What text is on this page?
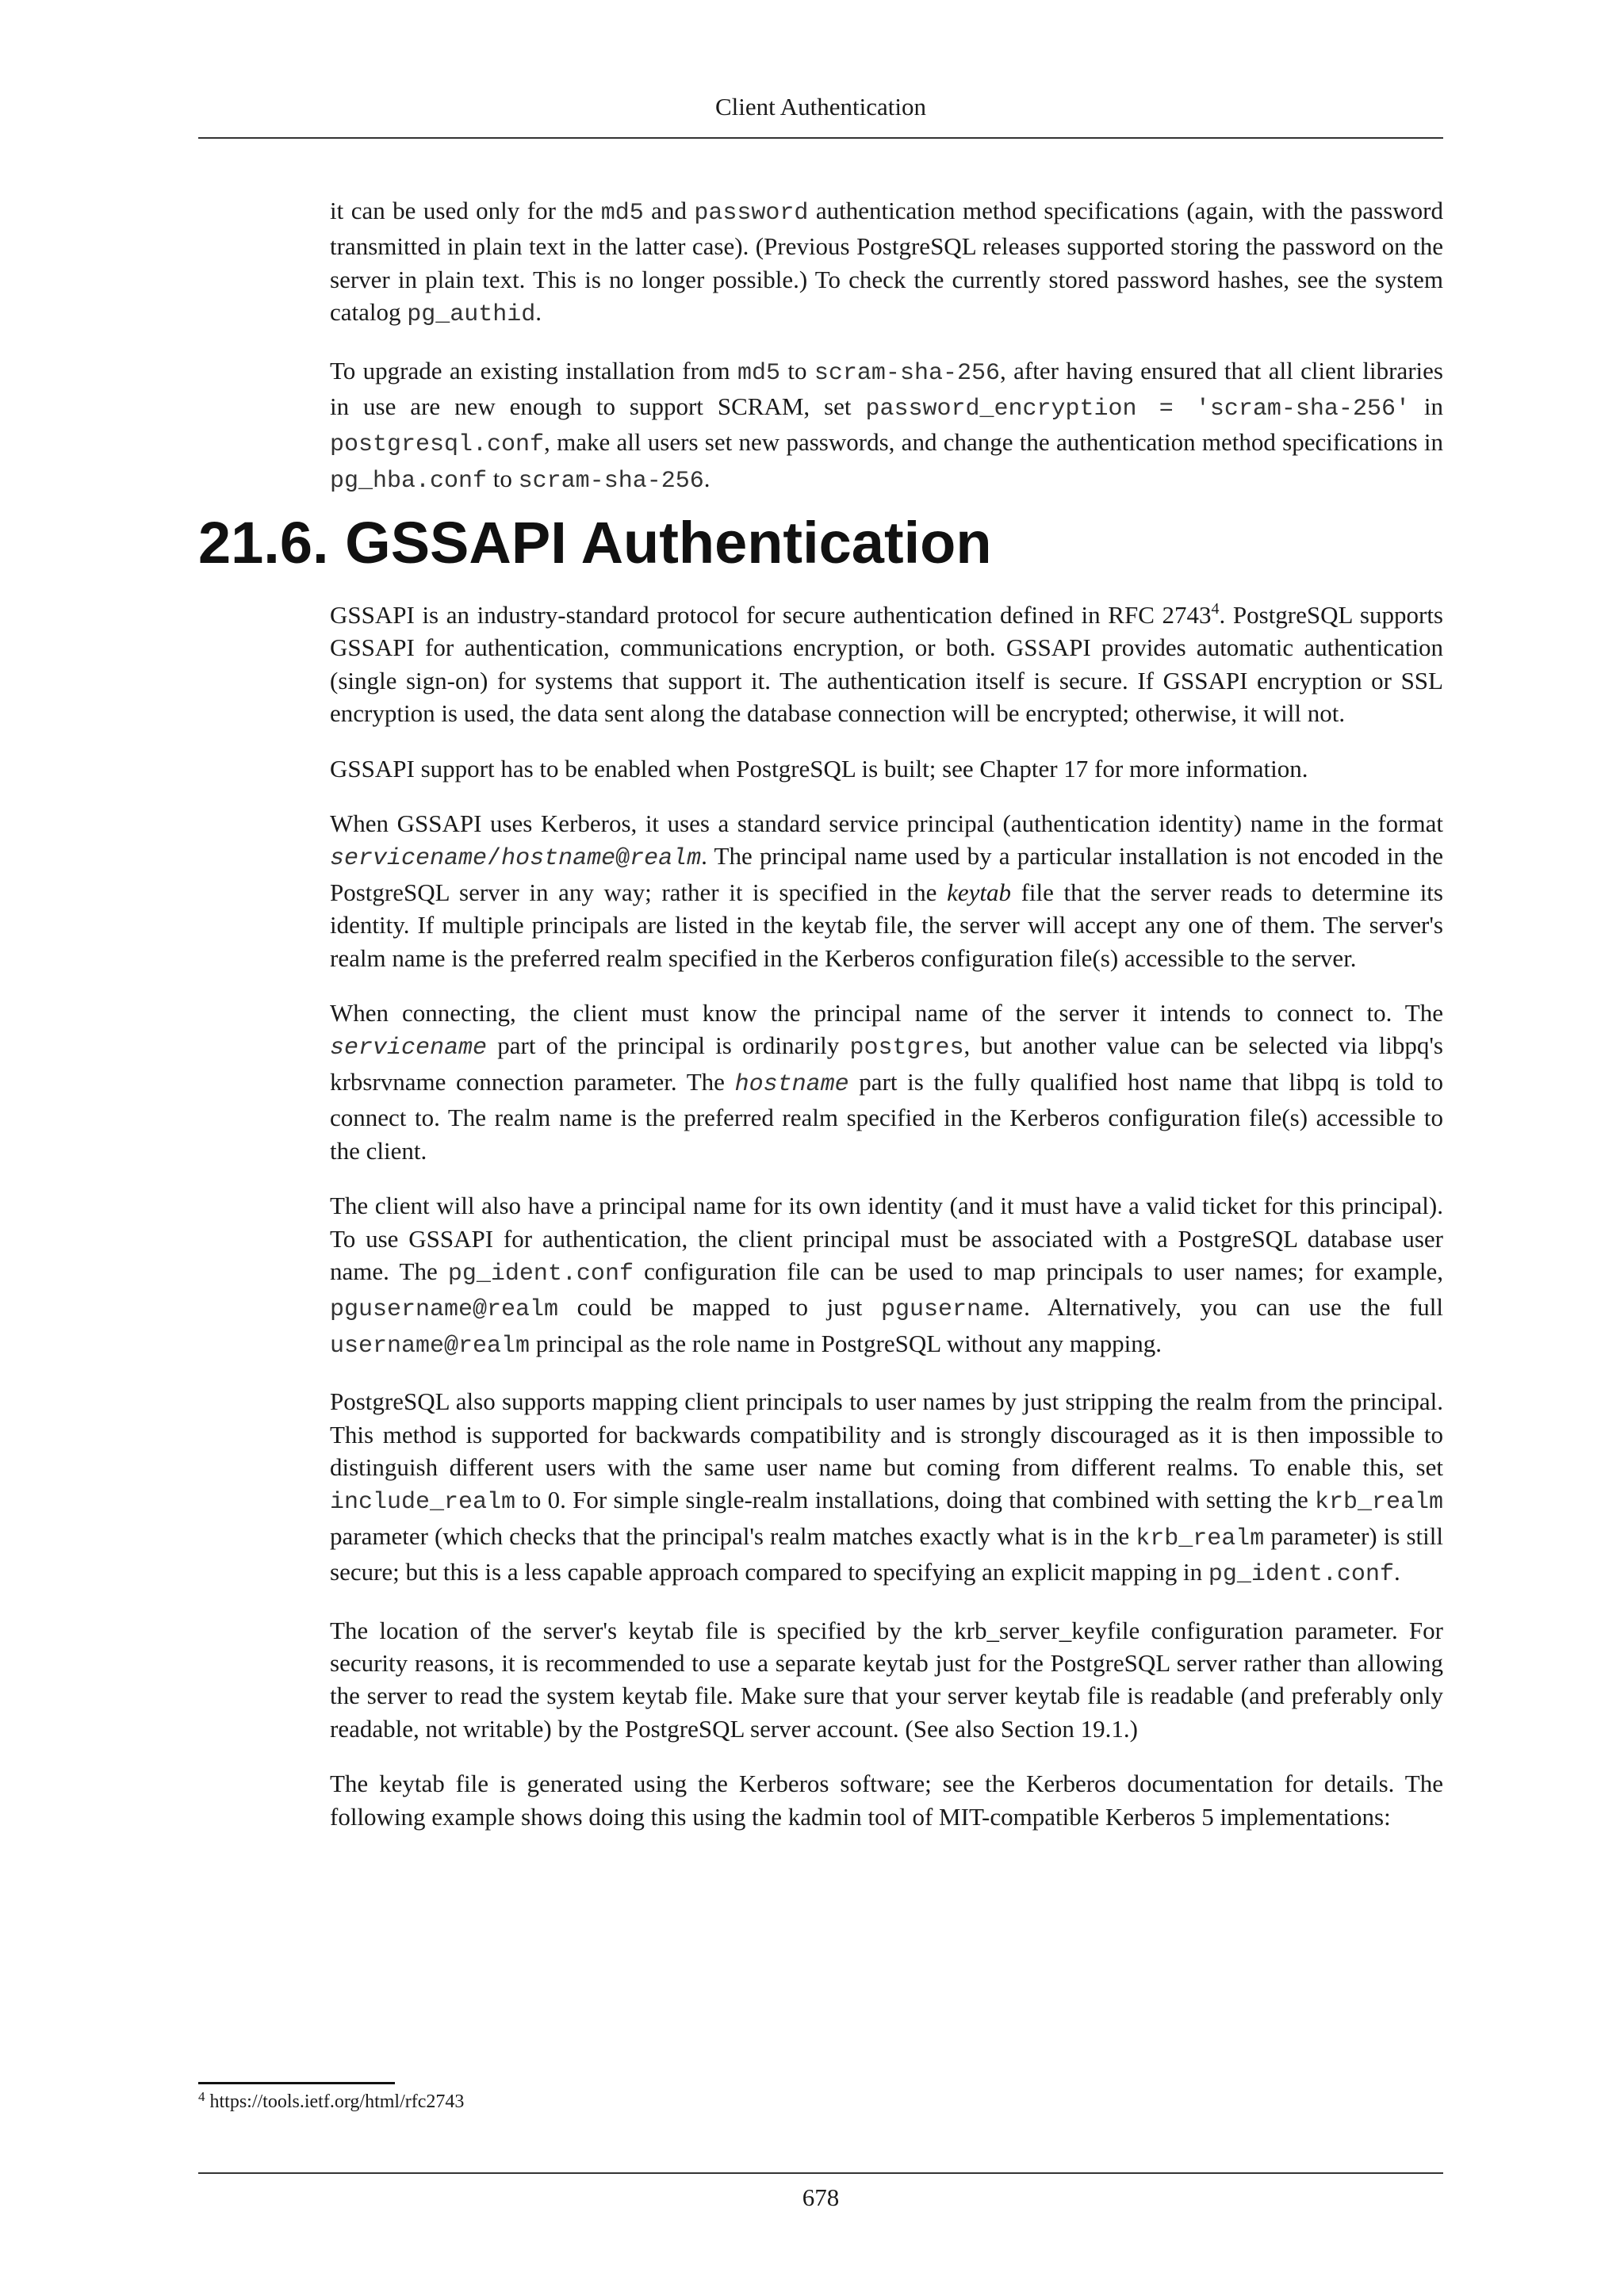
Client Authentication

it can be used only for the md5 and password authentication method specifications (again, with the password transmitted in plain text in the latter case). (Previous PostgreSQL releases supported storing the password on the server in plain text. This is no longer possible.) To check the currently stored password hashes, see the system catalog pg_authid.

To upgrade an existing installation from md5 to scram-sha-256, after having ensured that all client libraries in use are new enough to support SCRAM, set password_encryption = 'scram-sha-256' in postgresql.conf, make all users set new passwords, and change the authentication method specifications in pg_hba.conf to scram-sha-256.

21.6. GSSAPI Authentication

GSSAPI is an industry-standard protocol for secure authentication defined in RFC 2743$^4$. PostgreSQL supports GSSAPI for authentication, communications encryption, or both. GSSAPI provides automatic authentication (single sign-on) for systems that support it. The authentication itself is secure. If GSSAPI encryption or SSL encryption is used, the data sent along the database connection will be encrypted; otherwise, it will not.

GSSAPI support has to be enabled when PostgreSQL is built; see Chapter 17 for more information.

When GSSAPI uses Kerberos, it uses a standard service principal (authentication identity) name in the format servicename/hostname@realm. The principal name used by a particular installation is not encoded in the PostgreSQL server in any way; rather it is specified in the keytab file that the server reads to determine its identity. If multiple principals are listed in the keytab file, the server will accept any one of them. The server's realm name is the preferred realm specified in the Kerberos configuration file(s) accessible to the server.

When connecting, the client must know the principal name of the server it intends to connect to. The servicename part of the principal is ordinarily postgres, but another value can be selected via libpq's krbsrvname connection parameter. The hostname part is the fully qualified host name that libpq is told to connect to. The realm name is the preferred realm specified in the Kerberos configuration file(s) accessible to the client.

The client will also have a principal name for its own identity (and it must have a valid ticket for this principal). To use GSSAPI for authentication, the client principal must be associated with a PostgreSQL database user name. The pg_ident.conf configuration file can be used to map principals to user names; for example, pgusername@realm could be mapped to just pgusername. Alternatively, you can use the full username@realm principal as the role name in PostgreSQL without any mapping.

PostgreSQL also supports mapping client principals to user names by just stripping the realm from the principal. This method is supported for backwards compatibility and is strongly discouraged as it is then impossible to distinguish different users with the same user name but coming from different realms. To enable this, set include_realm to 0. For simple single-realm installations, doing that combined with setting the krb_realm parameter (which checks that the principal's realm matches exactly what is in the krb_realm parameter) is still secure; but this is a less capable approach compared to specifying an explicit mapping in pg_ident.conf.

The location of the server's keytab file is specified by the krb_server_keyfile configuration parameter. For security reasons, it is recommended to use a separate keytab just for the PostgreSQL server rather than allowing the server to read the system keytab file. Make sure that your server keytab file is readable (and preferably only readable, not writable) by the PostgreSQL server account. (See also Section 19.1.)

The keytab file is generated using the Kerberos software; see the Kerberos documentation for details. The following example shows doing this using the kadmin tool of MIT-compatible Kerberos 5 implementations:

$^4$ https://tools.ietf.org/html/rfc2743
678
